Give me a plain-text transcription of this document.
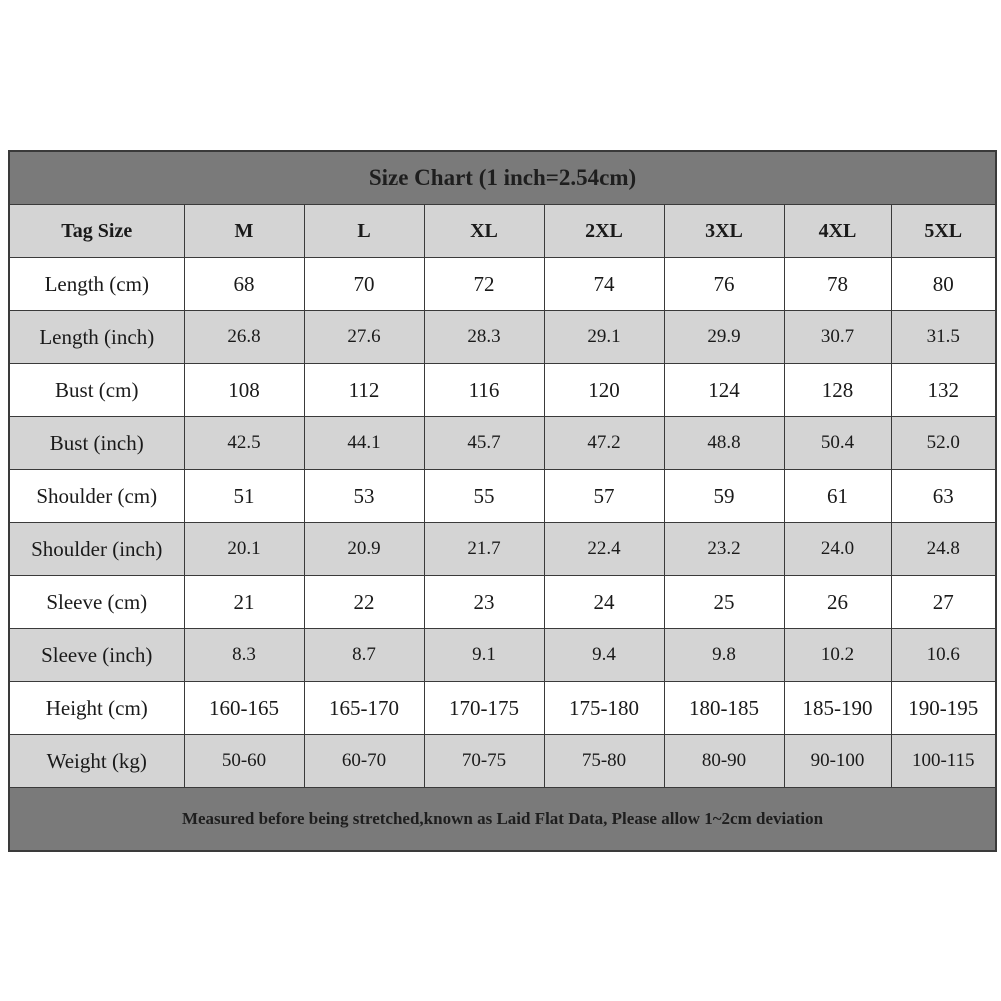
Size Chart (1 inch=2.54cm)
Tag Size	M	L	XL	2XL	3XL	4XL	5XL
Length (cm)	68	70	72	74	76	78	80
Length (inch)	26.8	27.6	28.3	29.1	29.9	30.7	31.5
Bust (cm)	108	112	116	120	124	128	132
Bust (inch)	42.5	44.1	45.7	47.2	48.8	50.4	52.0
Shoulder (cm)	51	53	55	57	59	61	63
Shoulder (inch)	20.1	20.9	21.7	22.4	23.2	24.0	24.8
Sleeve (cm)	21	22	23	24	25	26	27
Sleeve (inch)	8.3	8.7	9.1	9.4	9.8	10.2	10.6
Height (cm)	160-165	165-170	170-175	175-180	180-185	185-190	190-195
Weight (kg)	50-60	60-70	70-75	75-80	80-90	90-100	100-115
Measured before being stretched,known as Laid Flat Data, Please allow 1~2cm deviation
